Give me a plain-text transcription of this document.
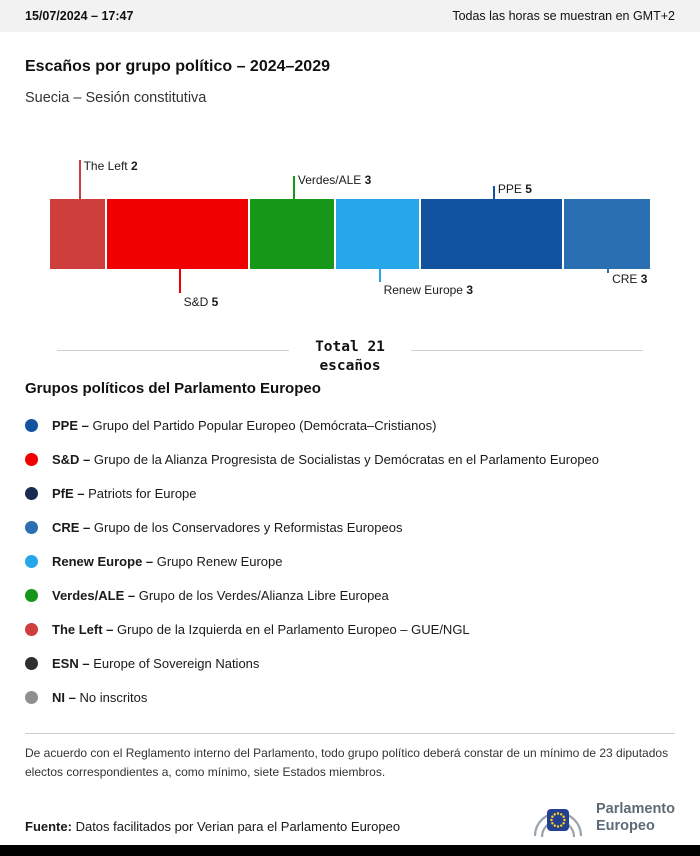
15/07/2024 – 17:47	Todas las horas se muestran en GMT+2
Escaños por grupo político – 2024–2029
Suecia – Sesión constitutiva
The Left 2
S&D 5
Verdes/ALE 3
Renew Europe 3
PPE 5
CRE 3
Total 21
escaños
Grupos políticos del Parlamento Europeo
PPE – Grupo del Partido Popular Europeo (Demócrata–Cristianos)
S&D – Grupo de la Alianza Progresista de Socialistas y Demócratas en el Parlamento Europeo
PfE – Patriots for Europe
CRE – Grupo de los Conservadores y Reformistas Europeos
Renew Europe – Grupo Renew Europe
Verdes/ALE – Grupo de los Verdes/Alianza Libre Europea
The Left – Grupo de la Izquierda en el Parlamento Europeo – GUE/NGL
ESN – Europe of Sovereign Nations
NI – No inscritos

De acuerdo con el Reglamento interno del Parlamento, todo grupo político deberá constar de un mínimo de 23 diputados electos correspondientes a, como mínimo, siete Estados miembros.

Fuente: Datos facilitados por Verian para el Parlamento Europeo

Parlamento
Europeo
